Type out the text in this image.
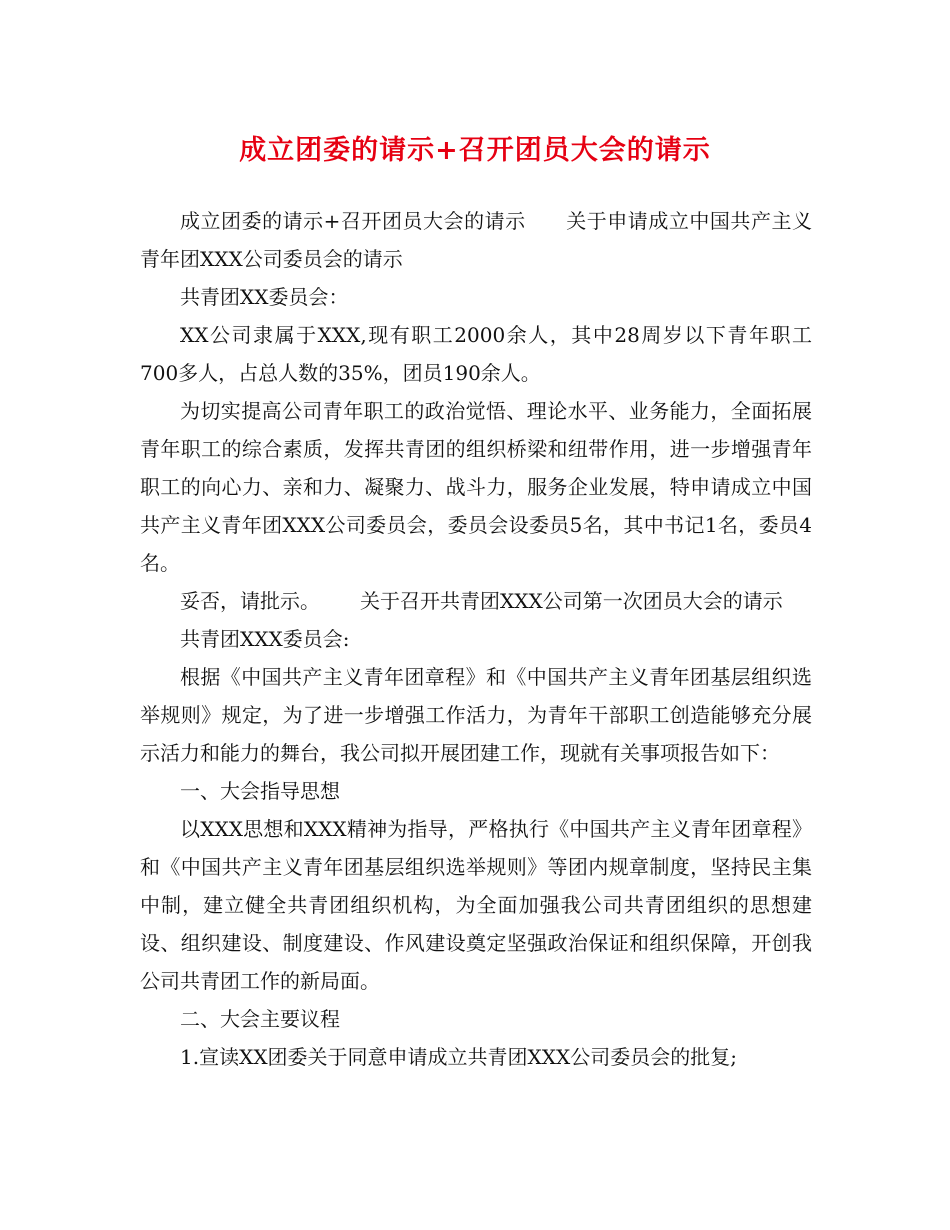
成立团委的请示+召开团员大会的请示

成立团委的请示+召开团员大会的请示 关于申请成立中国共产主义青年团XXX公司委员会的请示

共青团XX委员会：

XX公司隶属于XXX,现有职工2000余人，其中28周岁以下青年职工700多人，占总人数的35%，团员190余人。

为切实提高公司青年职工的政治觉悟、理论水平、业务能力，全面拓展青年职工的综合素质，发挥共青团的组织桥梁和纽带作用，进一步增强青年职工的向心力、亲和力、凝聚力、战斗力，服务企业发展，特申请成立中国共产主义青年团XXX公司委员会，委员会设委员5名，其中书记1名，委员4名。

妥否，请批示。 关于召开共青团XXX公司第一次团员大会的请示

共青团XXX委员会:

根据《中国共产主义青年团章程》和《中国共产主义青年团基层组织选举规则》规定，为了进一步增强工作活力，为青年干部职工创造能够充分展示活力和能力的舞台，我公司拟开展团建工作，现就有关事项报告如下：

一、大会指导思想

以XXX思想和XXX精神为指导，严格执行《中国共产主义青年团章程》和《中国共产主义青年团基层组织选举规则》等团内规章制度，坚持民主集中制，建立健全共青团组织机构，为全面加强我公司共青团组织的思想建设、组织建设、制度建设、作风建设奠定坚强政治保证和组织保障，开创我公司共青团工作的新局面。

二、大会主要议程

1.宣读XX团委关于同意申请成立共青团XXX公司委员会的批复;
